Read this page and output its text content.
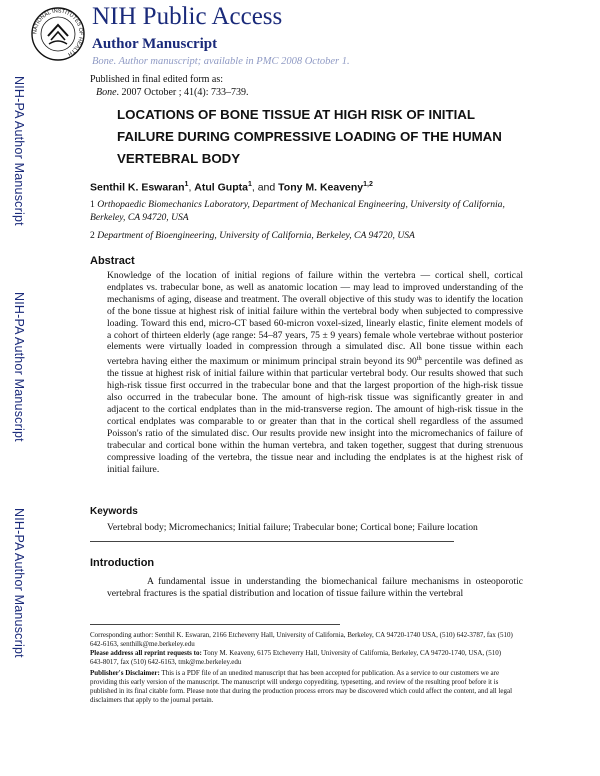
NATIONAL INSTITUTES OF HEALTH
NIH Public Access
Author Manuscript
Bone. Author manuscript; available in PMC 2008 October 1.
NIH-PA Author Manuscript
NIH-PA Author Manuscript
NIH-PA Author Manuscript
Published in final edited form as:
Bone. 2007 October ; 41(4): 733–739.
LOCATIONS OF BONE TISSUE AT HIGH RISK OF INITIAL FAILURE DURING COMPRESSIVE LOADING OF THE HUMAN VERTEBRAL BODY
Senthil K. Eswaran$^1$, Atul Gupta$^1$, and Tony M. Keaveny$^{1,2}$
1 Orthopaedic Biomechanics Laboratory, Department of Mechanical Engineering, University of California, Berkeley, CA 94720, USA
2 Department of Bioengineering, University of California, Berkeley, CA 94720, USA
Abstract
Knowledge of the location of initial regions of failure within the vertebra — cortical shell, cortical endplates vs. trabecular bone, as well as anatomic location — may lead to improved understanding of the mechanisms of aging, disease and treatment. The overall objective of this study was to identify the location of the bone tissue at highest risk of initial failure within the vertebral body when subjected to compressive loading. Toward this end, micro-CT based 60-micron voxel-sized, linearly elastic, finite element models of a cohort of thirteen elderly (age range: 54–87 years, 75 ± 9 years) female whole vertebrae without posterior elements were virtually loaded in compression through a simulated disc. All bone tissue within each vertebra having either the maximum or minimum principal strain beyond its 90th percentile was defined as the tissue at highest risk of initial failure within that particular vertebral body. Our results showed that such high-risk tissue first occurred in the trabecular bone and that the largest proportion of the high-risk tissue also occurred in the trabecular bone. The amount of high-risk tissue was significantly greater in and adjacent to the cortical endplates than in the mid-transverse region. The amount of high-risk tissue in the cortical endplates was comparable to or greater than that in the cortical shell regardless of the assumed Poisson's ratio of the simulated disc. Our results provide new insight into the micromechanics of failure of trabecular and cortical bone within the human vertebra, and taken together, suggest that during strenuous compressive loading of the vertebra, the tissue near and including the endplates is at the highest risk of initial failure.
Keywords
Vertebral body; Micromechanics; Initial failure; Trabecular bone; Cortical bone; Failure location
Introduction
A fundamental issue in understanding the biomechanical failure mechanisms in osteoporotic vertebral fractures is the spatial distribution and location of tissue failure within the vertebral
Corresponding author: Senthil K. Eswaran, 2166 Etcheverry Hall, University of California, Berkeley, CA 94720-1740 USA, (510) 642-3787, fax (510) 642-6163, senthilk@me.berkeley.edu
Please address all reprint requests to: Tony M. Keaveny, 6175 Etcheverry Hall, University of California, Berkeley, CA 94720-1740, USA, (510) 643-8017, fax (510) 642-6163, tmk@me.berkeley.edu
Publisher's Disclaimer: This is a PDF file of an unedited manuscript that has been accepted for publication. As a service to our customers we are providing this early version of the manuscript. The manuscript will undergo copyediting, typesetting, and review of the resulting proof before it is published in its final citable form. Please note that during the production process errors may be discovered which could affect the content, and all legal disclaimers that apply to the journal pertain.
